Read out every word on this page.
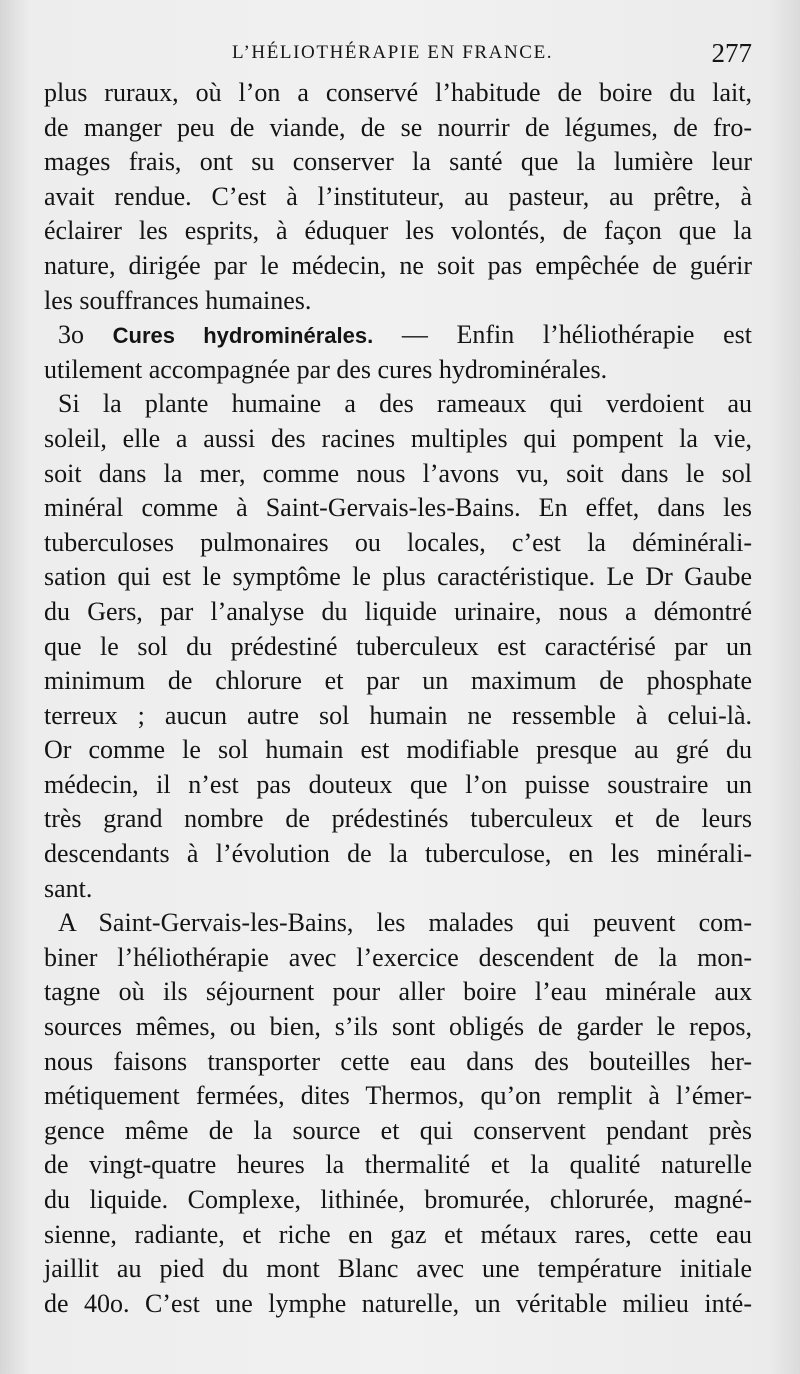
L’HÉLIOTHÉRAPIE EN FRANCE.	277
plus ruraux, où l’on a conservé l’habitude de boire du lait,
de manger peu de viande, de se nourrir de légumes, de fro-
mages frais, ont su conserver la santé que la lumière leur
avait rendue. C’est à l’instituteur, au pasteur, au prêtre, à
éclairer les esprits, à éduquer les volontés, de façon que la
nature, dirigée par le médecin, ne soit pas empêchée de guérir
les souffrances humaines.
3o Cures hydrominérales. — Enfin l’héliothérapie est
utilement accompagnée par des cures hydrominérales.
Si la plante humaine a des rameaux qui verdoient au
soleil, elle a aussi des racines multiples qui pompent la vie,
soit dans la mer, comme nous l’avons vu, soit dans le sol
minéral comme à Saint-Gervais-les-Bains. En effet, dans les
tuberculoses pulmonaires ou locales, c’est la déminérali-
sation qui est le symptôme le plus caractéristique. Le Dr Gaube
du Gers, par l’analyse du liquide urinaire, nous a démontré
que le sol du prédestiné tuberculeux est caractérisé par un
minimum de chlorure et par un maximum de phosphate
terreux ; aucun autre sol humain ne ressemble à celui-là.
Or comme le sol humain est modifiable presque au gré du
médecin, il n’est pas douteux que l’on puisse soustraire un
très grand nombre de prédestinés tuberculeux et de leurs
descendants à l’évolution de la tuberculose, en les minérali-
sant.
A Saint-Gervais-les-Bains, les malades qui peuvent com-
biner l’héliothérapie avec l’exercice descendent de la mon-
tagne où ils séjournent pour aller boire l’eau minérale aux
sources mêmes, ou bien, s’ils sont obligés de garder le repos,
nous faisons transporter cette eau dans des bouteilles her-
métiquement fermées, dites Thermos, qu’on remplit à l’émer-
gence même de la source et qui conservent pendant près
de vingt-quatre heures la thermalité et la qualité naturelle
du liquide. Complexe, lithinée, bromurée, chlorurée, magné-
sienne, radiante, et riche en gaz et métaux rares, cette eau
jaillit au pied du mont Blanc avec une température initiale
de 40o. C’est une lymphe naturelle, un véritable milieu inté-
